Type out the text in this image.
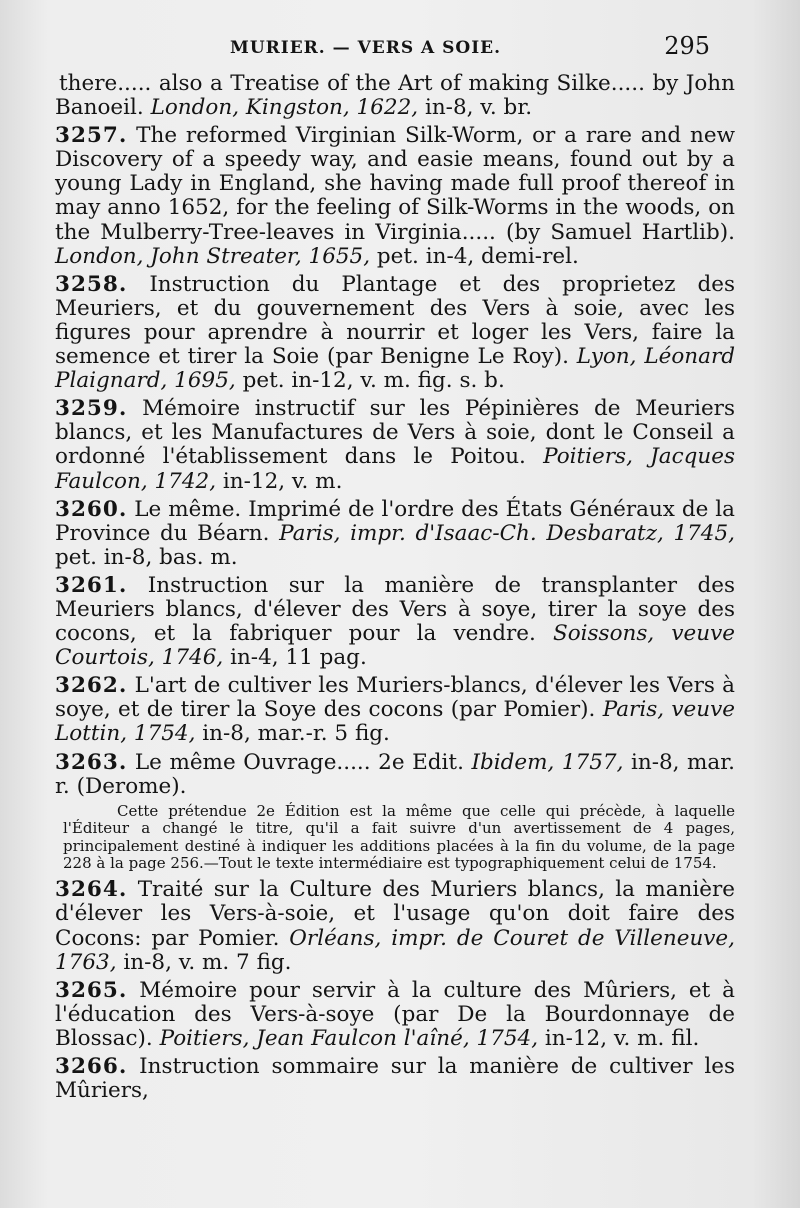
MURIER. — VERS A SOIE.	295

there..... also a Treatise of the Art of making Silke..... by John Banoeil. London, Kingston, 1622, in-8, v. br.

3257. The reformed Virginian Silk-Worm, or a rare and new Discovery of a speedy way, and easie means, found out by a young Lady in England, she having made full proof thereof in may anno 1652, for the feeling of Silk-Worms in the woods, on the Mulberry-Tree-leaves in Virginia..... (by Samuel Hartlib). London, John Streater, 1655, pet. in-4, demi-rel.

3258. Instruction du Plantage et des proprietez des Meuriers, et du gouvernement des Vers à soie, avec les figures pour aprendre à nourrir et loger les Vers, faire la semence et tirer la Soie (par Benigne Le Roy). Lyon, Léonard Plaignard, 1695, pet. in-12, v. m. fig. s. b.

3259. Mémoire instructif sur les Pépinières de Meuriers blancs, et les Manufactures de Vers à soie, dont le Conseil a ordonné l'établissement dans le Poitou. Poitiers, Jacques Faulcon, 1742, in-12, v. m.

3260. Le même. Imprimé de l'ordre des États Généraux de la Province du Béarn. Paris, impr. d'Isaac-Ch. Desbaratz, 1745, pet. in-8, bas. m.

3261. Instruction sur la manière de transplanter des Meuriers blancs, d'élever des Vers à soye, tirer la soye des cocons, et la fabriquer pour la vendre. Soissons, veuve Courtois, 1746, in-4, 11 pag.

3262. L'art de cultiver les Muriers-blancs, d'élever les Vers à soye, et de tirer la Soye des cocons (par Pomier). Paris, veuve Lottin, 1754, in-8, mar.-r. 5 fig.

3263. Le même Ouvrage..... 2e Edit. Ibidem, 1757, in-8, mar. r. (Derome).

Cette prétendue 2e Édition est la même que celle qui précède, à laquelle l'Éditeur a changé le titre, qu'il a fait suivre d'un avertissement de 4 pages, principalement destiné à indiquer les additions placées à la fin du volume, de la page 228 à la page 256.—Tout le texte intermédiaire est typographiquement celui de 1754.

3264. Traité sur la Culture des Muriers blancs, la manière d'élever les Vers-à-soie, et l'usage qu'on doit faire des Cocons: par Pomier. Orléans, impr. de Couret de Villeneuve, 1763, in-8, v. m. 7 fig.

3265. Mémoire pour servir à la culture des Mûriers, et à l'éducation des Vers-à-soye (par De la Bourdonnaye de Blossac). Poitiers, Jean Faulcon l'aîné, 1754, in-12, v. m. fil.

3266. Instruction sommaire sur la manière de cultiver les Mûriers,
